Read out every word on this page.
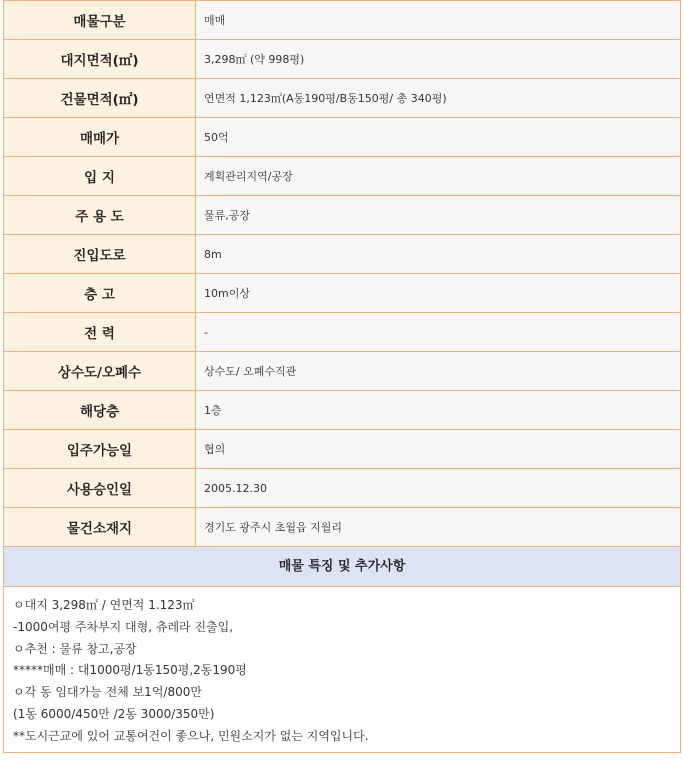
매물구분	매매
대지면적(㎡)	3,298㎡ (약 998평)
건물면적(㎡)	연면적 1,123㎡(A동190평/B동150평/ 총 340평)
매매가	50억
입 지	계획관리지역/공장
주 용 도	물류,공장
진입도로	8m
층 고	10m이상
전 력	-
상수도/오폐수	상수도/ 오폐수직관
해당층	1층
입주가능일	협의
사용승인일	2005.12.30
물건소재지	경기도 광주시 초월읍 지월리
매물 특징 및 추가사항
ㅇ대지 3,298㎡ / 연면적 1.123㎡
-1000여평 주차부지 대형, 츄레라 진출입,
ㅇ추천 : 물류 창고,공장
*****매매 : 대1000평/1동150평,2동190평
ㅇ각 동 임대가능 전체 보1억/800만
(1동 6000/450만 /2동 3000/350만)
**도시근교에 있어 교통여건이 좋으나, 민원소지가 없는 지역입니다.
